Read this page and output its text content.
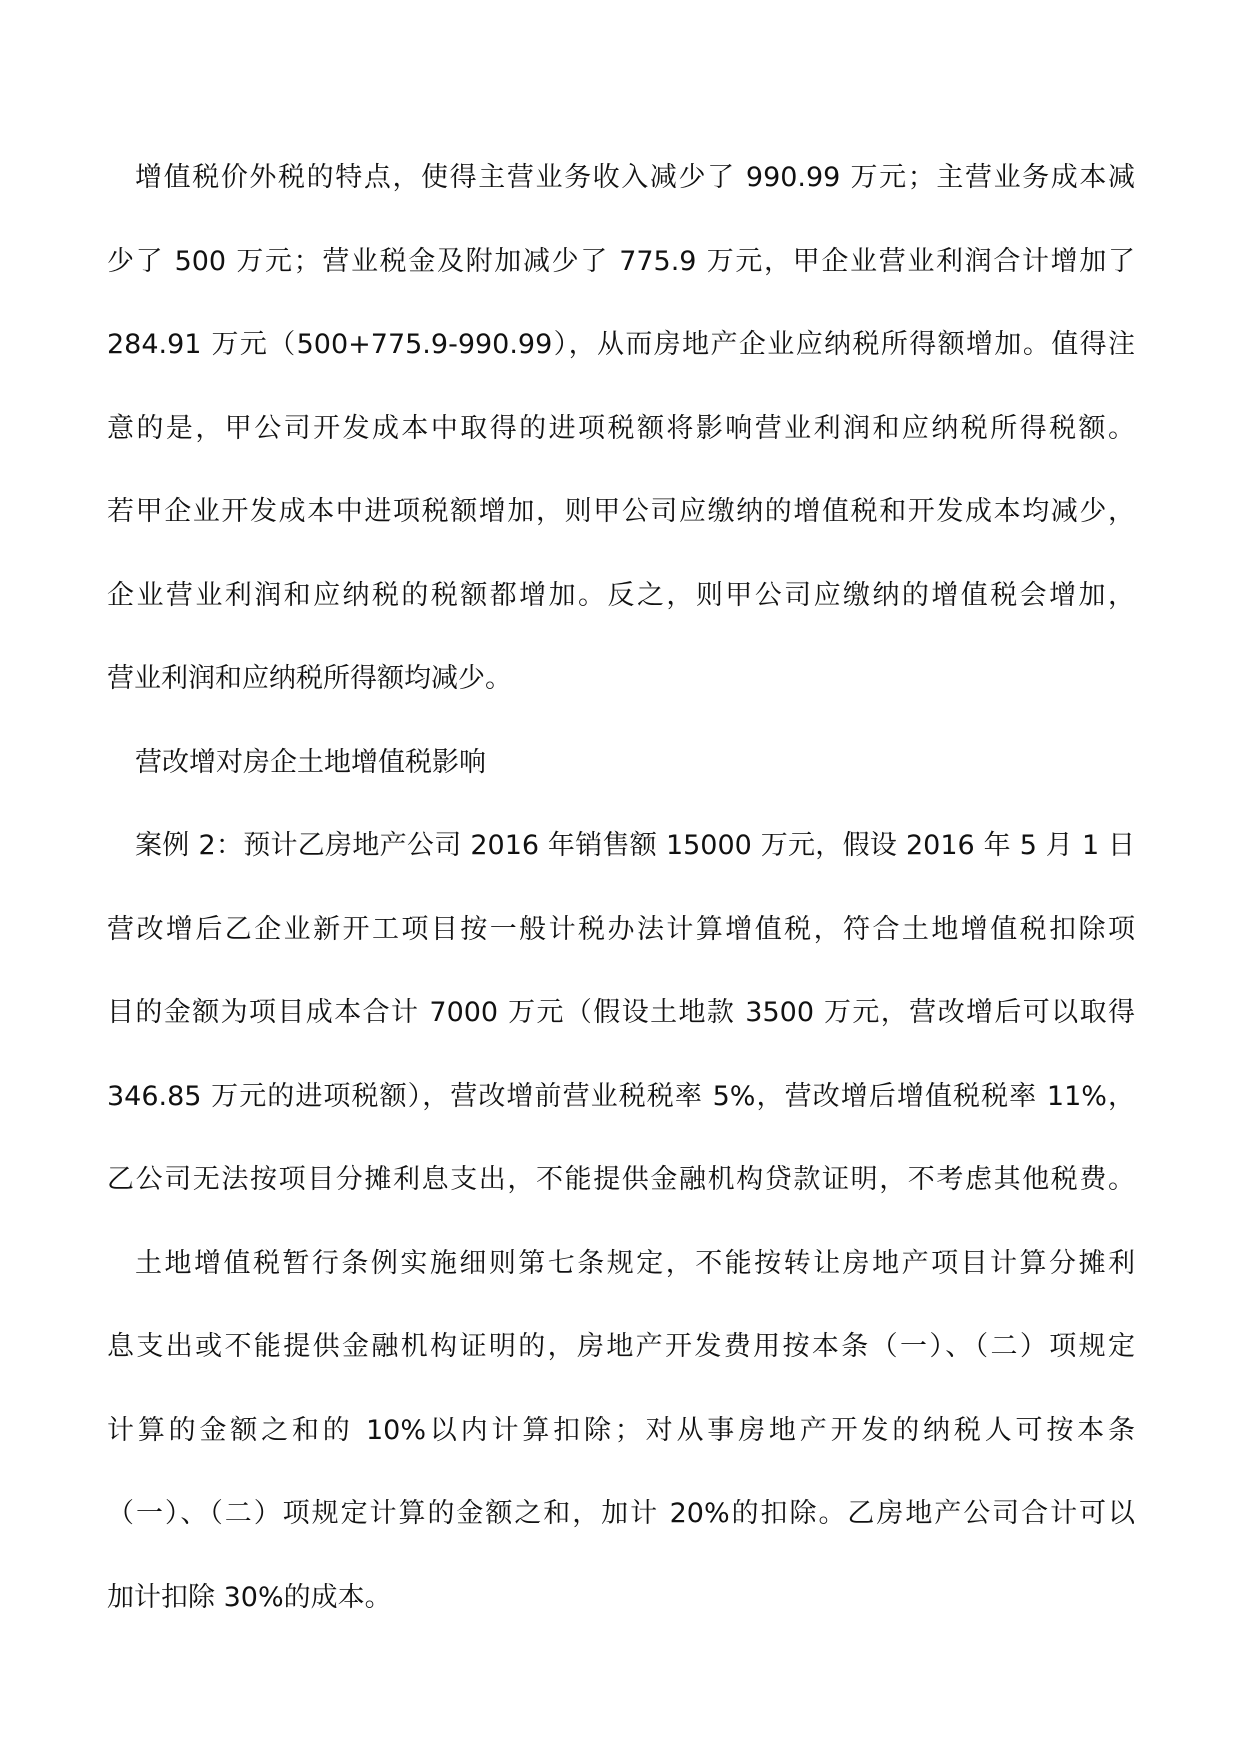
增值税价外税的特点，使得主营业务收入减少了 990.99 万元；主营业务成本减
少了 500 万元；营业税金及附加减少了 775.9 万元，甲企业营业利润合计增加了
284.91 万元（500+775.9-990.99），从而房地产企业应纳税所得额增加。值得注
意的是，甲公司开发成本中取得的进项税额将影响营业利润和应纳税所得税额。
若甲企业开发成本中进项税额增加，则甲公司应缴纳的增值税和开发成本均减少，
企业营业利润和应纳税的税额都增加。反之，则甲公司应缴纳的增值税会增加，
营业利润和应纳税所得额均减少。
营改增对房企土地增值税影响
案例 2：预计乙房地产公司 2016 年销售额 15000 万元，假设 2016 年 5 月 1 日
营改增后乙企业新开工项目按一般计税办法计算增值税，符合土地增值税扣除项
目的金额为项目成本合计 7000 万元（假设土地款 3500 万元，营改增后可以取得
346.85 万元的进项税额），营改增前营业税税率 5%，营改增后增值税税率 11%，
乙公司无法按项目分摊利息支出，不能提供金融机构贷款证明，不考虑其他税费。
土地增值税暂行条例实施细则第七条规定，不能按转让房地产项目计算分摊利
息支出或不能提供金融机构证明的，房地产开发费用按本条（一）、（二）项规定
计算的金额之和的 10%以内计算扣除；对从事房地产开发的纳税人可按本条
（一）、（二）项规定计算的金额之和，加计 20%的扣除。乙房地产公司合计可以
加计扣除 30%的成本。
